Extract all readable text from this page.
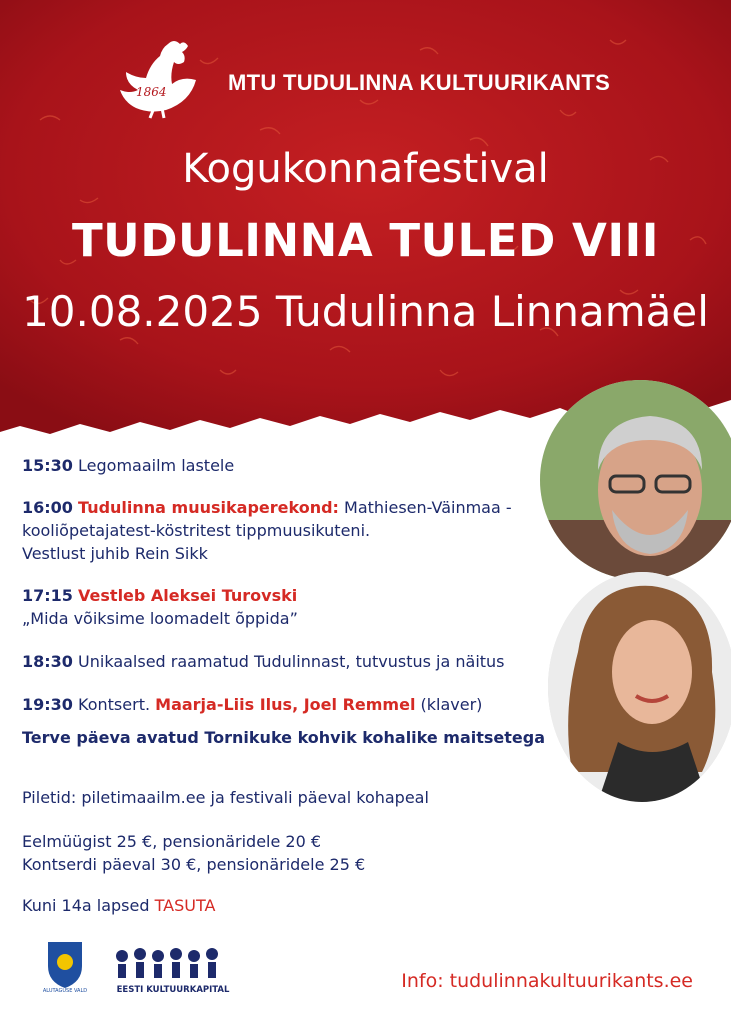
1864	MTU TUDULINNA KULTUURIKANTS
Kogukonnafestival
TUDULINNA TULED VIII
10.08.2025 Tudulinna Linnamäel
15:30 Legomaailm lastele
16:00 Tudulinna muusikaperekond: Mathiesen-Väinmaa -
kooliõpetajatest-köstritest tippmuusikuteni.
Vestlust juhib Rein Sikk
17:15 Vestleb Aleksei Turovski
„Mida võiksime loomadelt õppida”
18:30 Unikaalsed raamatud Tudulinnast, tutvustus ja näitus
19:30 Kontsert. Maarja-Liis Ilus, Joel Remmel (klaver)
Terve päeva avatud Tornikuke kohvik kohalike maitsetega
Piletid: piletimaailm.ee ja festivali päeval kohapeal
Eelmüügist 25 €, pensionäridele 20 €
Kontserdi päeval 30 €, pensionäridele 25 €
Kuni 14a lapsed TASUTA
ALUTAGUSE VALD	EESTI KULTUURKAPITAL	Info: tudulinnakultuurikants.ee
